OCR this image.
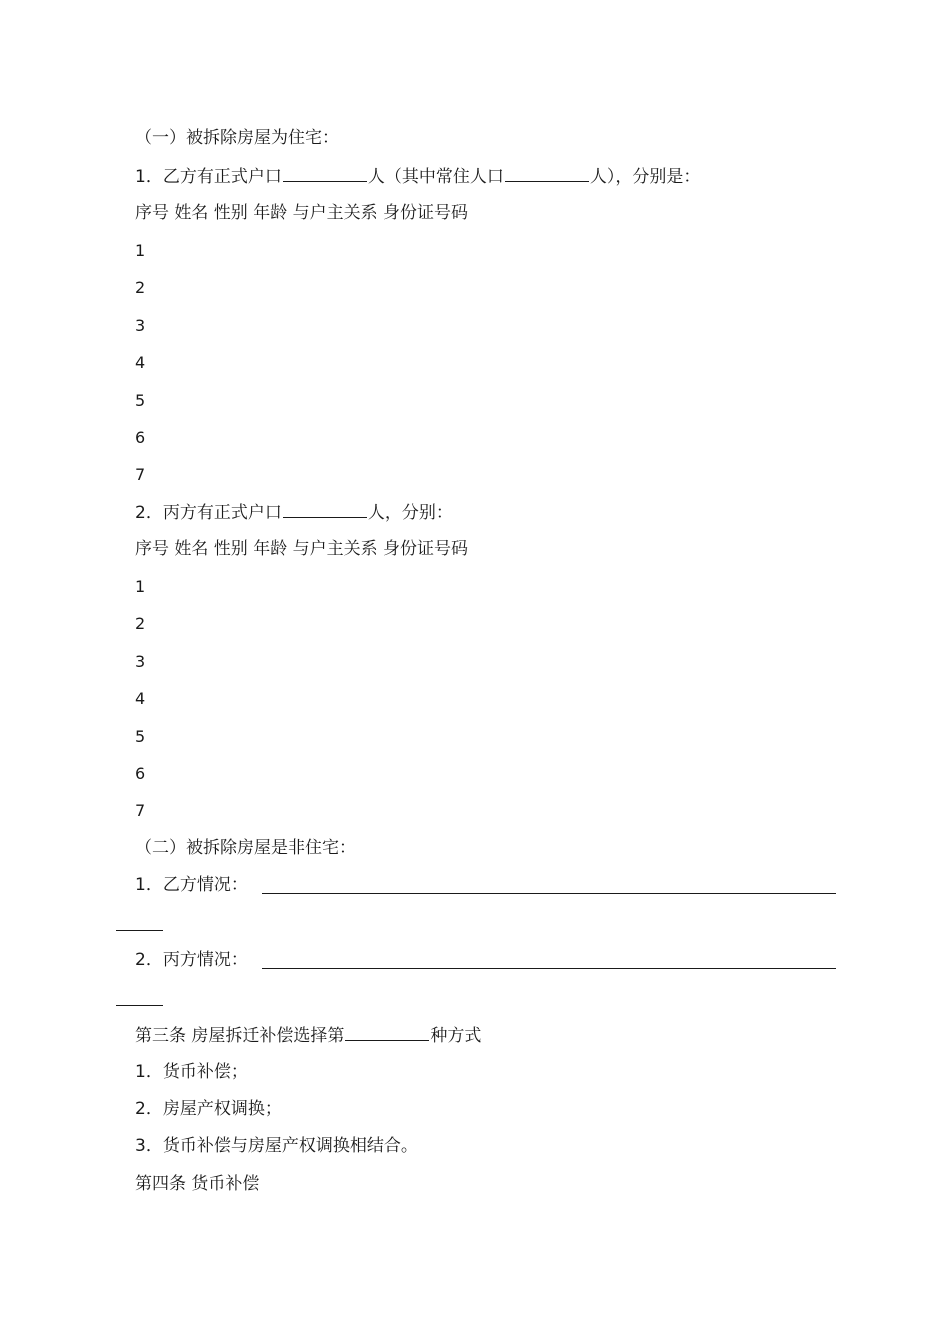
（一）被拆除房屋为住宅：
1．乙方有正式户口	人（其中常住人口	人），分别是：
序号 姓名 性别 年龄 与户主关系 身份证号码
1
2
3
4
5
6
7
2．丙方有正式户口	人，分别：
序号 姓名 性别 年龄 与户主关系 身份证号码
1
2
3
4
5
6
7
（二）被拆除房屋是非住宅：
1．乙方情况：
2．丙方情况：
第三条 房屋拆迁补偿选择第	种方式
1．货币补偿；
2．房屋产权调换；
3．货币补偿与房屋产权调换相结合。
第四条 货币补偿
